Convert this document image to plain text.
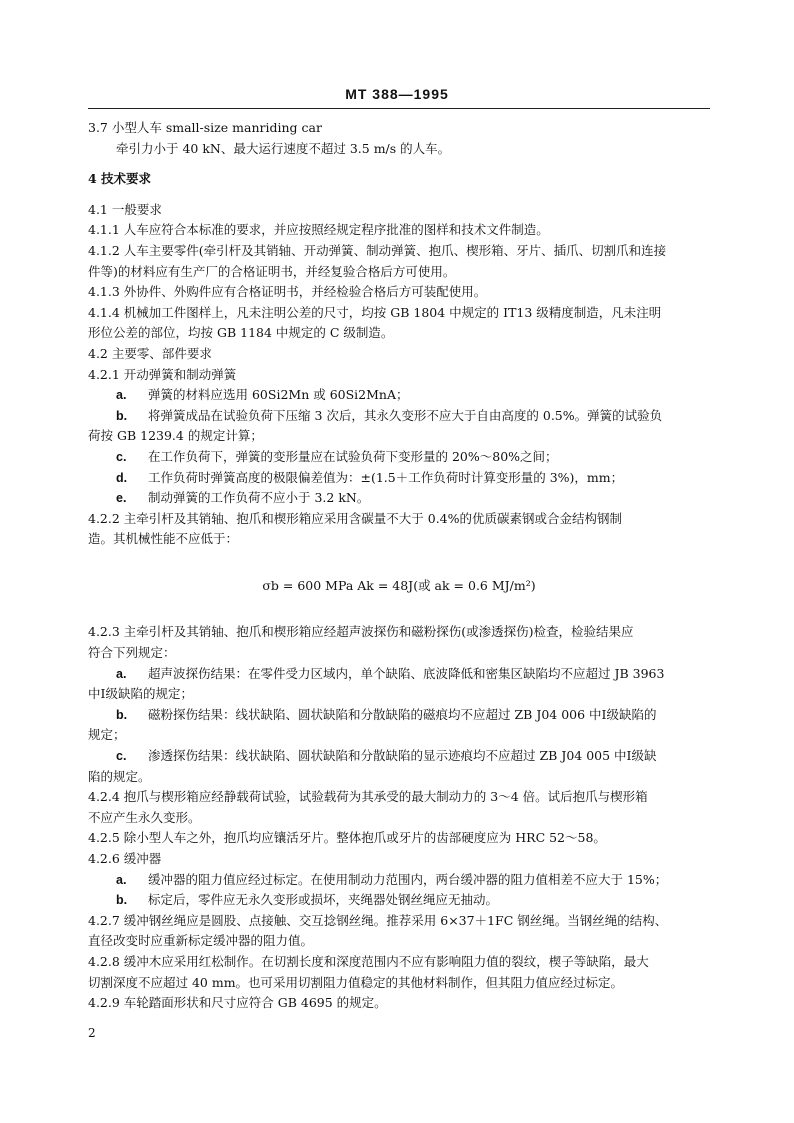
MT 388—1995

3.7 小型人车 small-size manriding car

牵引力小于 40 kN、最大运行速度不超过 3.5 m/s 的人车。

4 技术要求

4.1 一般要求

4.1.1 人车应符合本标准的要求，并应按照经规定程序批准的图样和技术文件制造。

4.1.2 人车主要零件(牵引杆及其销轴、开动弹簧、制动弹簧、抱爪、楔形箱、牙片、插爪、切割爪和连接

件等)的材料应有生产厂的合格证明书，并经复验合格后方可使用。

4.1.3 外协件、外购件应有合格证明书，并经检验合格后方可装配使用。

4.1.4 机械加工件图样上，凡未注明公差的尺寸，均按 GB 1804 中规定的 IT13 级精度制造，凡未注明

形位公差的部位，均按 GB 1184 中规定的 C 级制造。

4.2 主要零、部件要求

4.2.1 开动弹簧和制动弹簧

a. 弹簧的材料应选用 60Si2Mn 或 60Si2MnA；

b. 将弹簧成品在试验负荷下压缩 3 次后，其永久变形不应大于自由高度的 0.5%。弹簧的试验负

荷按 GB 1239.4 的规定计算；

c. 在工作负荷下，弹簧的变形量应在试验负荷下变形量的 20%～80%之间；

d. 工作负荷时弹簧高度的极限偏差值为：±(1.5＋工作负荷时计算变形量的 3%)，mm；

e. 制动弹簧的工作负荷不应小于 3.2 kN。

4.2.2 主牵引杆及其销轴、抱爪和楔形箱应采用含碳量不大于 0.4%的优质碳素钢或合金结构钢制

造。其机械性能不应低于：

σb = 600 MPa Ak = 48J(或 ak = 0.6 MJ/m²)

4.2.3 主牵引杆及其销轴、抱爪和楔形箱应经超声波探伤和磁粉探伤(或渗透探伤)检查，检验结果应

符合下列规定：

a. 超声波探伤结果：在零件受力区域内，单个缺陷、底波降低和密集区缺陷均不应超过 JB 3963

中Ⅰ级缺陷的规定；

b. 磁粉探伤结果：线状缺陷、圆状缺陷和分散缺陷的磁痕均不应超过 ZB J04 006 中Ⅰ级缺陷的

规定；

c. 渗透探伤结果：线状缺陷、圆状缺陷和分散缺陷的显示迹痕均不应超过 ZB J04 005 中Ⅰ级缺

陷的规定。

4.2.4 抱爪与楔形箱应经静载荷试验，试验载荷为其承受的最大制动力的 3～4 倍。试后抱爪与楔形箱

不应产生永久变形。

4.2.5 除小型人车之外，抱爪均应镶活牙片。整体抱爪或牙片的齿部硬度应为 HRC 52～58。

4.2.6 缓冲器

a. 缓冲器的阻力值应经过标定。在使用制动力范围内，两台缓冲器的阻力值相差不应大于 15%；

b. 标定后，零件应无永久变形或损坏，夹绳器处钢丝绳应无抽动。

4.2.7 缓冲钢丝绳应是圆股、点接触、交互捻钢丝绳。推荐采用 6×37＋1FC 钢丝绳。当钢丝绳的结构、

直径改变时应重新标定缓冲器的阻力值。

4.2.8 缓冲木应采用红松制作。在切割长度和深度范围内不应有影响阻力值的裂纹，楔子等缺陷，最大

切割深度不应超过 40 mm。也可采用切割阻力值稳定的其他材料制作，但其阻力值应经过标定。

4.2.9 车轮踏面形状和尺寸应符合 GB 4695 的规定。

2
